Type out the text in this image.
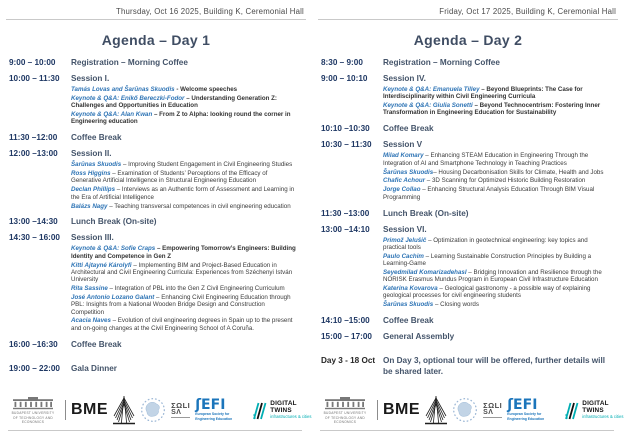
Thursday, Oct 16 2025, Building K, Ceremonial Hall
Agenda – Day 1
9:00 – 10:00	Registration – Morning Coffee
10:00 – 11:30	Session I.
Tamás Lovas and Šarūnas Skuodis - Welcome speeches
Keynote & Q&A: Enikő Bereczki-Fodor – Understanding Generation Z: Challenges and Opportunities in Education
Keynote & Q&A: Alan Kwan – From Z to Alpha: looking round the corner in Engineering education
11:30 –12:00	Coffee Break
12:00 –13:00	Session II.
Šarūnas Skuodis – Improving Student Engagement in Civil Engineering Studies
Ross Higgins – Examination of Students’ Perceptions of the Efficacy of Generative Artificial Intelligence in Structural Engineering Education
Declan Phillips – Interviews as an Authentic form of Assessment and Learning in the Era of Artificial Intelligence
Balázs Nagy – Teaching transversal competences in civil engineering education
13:00 –14:30	Lunch Break (On-site)
14:30 – 16:00	Session III.
Keynote & Q&A: Sofie Craps – Empowering Tomorrow’s Engineers: Building Identity and Competence in Gen Z
Kitti Ajtayné Károlyfi – Implementing BIM and Project-Based Education in Architectural and Civil Engineering Curricula: Experiences from Széchenyi István University
Rita Sassine – Integration of PBL into the Gen Z Civil Engineering Curriculum
José Antonio Lozano Galant – Enhancing Civil Engineering Education through PBL: Insights from a National Wooden Bridge Design and Construction Competition
Acacia Naves – Evolution of civil engineering degrees in Spain up to the present and on-going changes at the Civil Engineering School of A Coruña.
16:00 –16:30	Coffee Break
19:00 – 22:00	Gala Dinner
BUDAPEST UNIVERSITY
OF TECHNOLOGY AND ECONOMICS
BME	ΣΩLI
SΛ ʃEFI
European Society for Engineering Education
DIGITAL
TWINS
infrastructures & cities
Friday, Oct 17 2025, Building K, Ceremonial Hall
Agenda – Day 2
8:30 – 9:00	Registration – Morning Coffee
9:00 – 10:10	Session IV.
Keynote & Q&A: Emanuela Tilley – Beyond Blueprints: The Case for Interdisciplinarity within Civil Engineering Curricula
Keynote & Q&A: Giulia Sonetti – Beyond Technocentrism: Fostering Inner Transformation in Engineering Education for Sustainability
10:10 –10:30	Coffee Break
10:30 – 11:30	Session V
Milad Komary – Enhancing STEAM Education in Engineering Through the Integration of AI and Smartphone Technology in Teaching Practices
Šarūnas Skuodis– Housing Decarbonisation Skills for Climate, Health and Jobs
Chafic Achour – 3D Scanning for Optimized Historic Building Restoration
Jorge Collao – Enhancing Structural Analysis Education Through BIM Visual Programming
11:30 –13:00	Lunch Break (On-site)
13:00 –14:10	Session VI.
Primož Jelušič – Optimization in geotechnical engineering: key topics and practical tools
Paulo Cachim – Learning Sustainable Construction Principles by Building a Learning-Game
Seyedmilad Komarizadehasl – Bridging Innovation and Resilience through the NORISK Erasmus Mundus Program in European Civil Infrastructure Education
Katerina Kovarova – Geological gastronomy - a possible way of explaining geological processes for civil engineering students
Šarūnas Skuodis – Closing words
14:10 –15:00	Coffee Break
15:00 – 17:00	General Assembly
Day 3 - 18 Oct On Day 3, optional tour will be offered, further details will be shared later.
BUDAPEST UNIVERSITY
OF TECHNOLOGY AND ECONOMICS
BME	ΣΩLI
SΛ ʃEFI
European Society for Engineering Education
DIGITAL
TWINS
infrastructures & cities
